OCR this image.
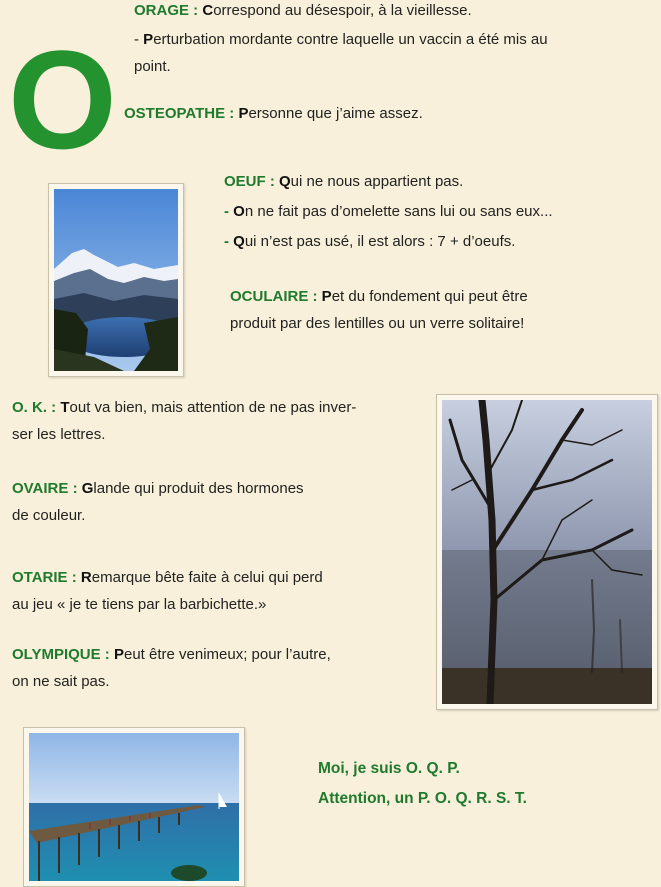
O
ORAGE : Correspond au désespoir, à la vieillesse.
- Perturbation mordante contre laquelle un vaccin a été mis au
point.
OSTEOPATHE : Personne que j’aime assez.
OEUF : Qui ne nous appartient pas.
- On ne fait pas d’omelette sans lui ou sans eux...
- Qui n’est pas usé, il est alors : 7 + d’oeufs.
OCULAIRE : Pet du fondement qui peut être
produit par des lentilles ou un verre solitaire!
O. K. : Tout va bien, mais attention de ne pas inver-
ser les lettres.
OVAIRE : Glande qui produit des hormones
de couleur.
OTARIE : Remarque bête faite à celui qui perd
au jeu « je te tiens par la barbichette.»
OLYMPIQUE : Peut être venimeux; pour l’autre,
on ne sait pas.
Moi, je suis O. Q. P.
Attention, un P. O. Q. R. S. T.
